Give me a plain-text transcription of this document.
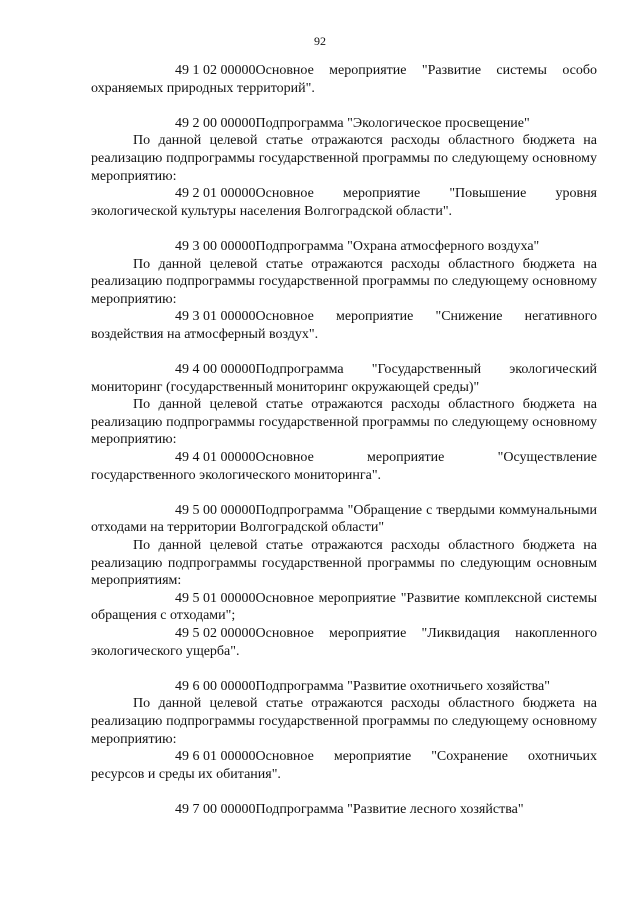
92

49 1 02 00000Основное мероприятие "Развитие системы особо охраняемых природных территорий".

49 2 00 00000Подпрограмма "Экологическое просвещение"

По данной целевой статье отражаются расходы областного бюджета на реализацию подпрограммы государственной программы по следующему основному мероприятию:

49 2 01 00000Основное мероприятие "Повышение уровня экологической культуры населения Волгоградской области".

49 3 00 00000Подпрограмма "Охрана атмосферного воздуха"

По данной целевой статье отражаются расходы областного бюджета на реализацию подпрограммы государственной программы по следующему основному мероприятию:

49 3 01 00000Основное мероприятие "Снижение негативного воздействия на атмосферный воздух".

49 4 00 00000Подпрограмма "Государственный экологический мониторинг (государственный мониторинг окружающей среды)"

По данной целевой статье отражаются расходы областного бюджета на реализацию подпрограммы государственной программы по следующему основному мероприятию:

49 4 01 00000Основное мероприятие "Осуществление государственного экологического мониторинга".

49 5 00 00000Подпрограмма "Обращение с твердыми коммунальными отходами на территории Волгоградской области"

По данной целевой статье отражаются расходы областного бюджета на реализацию подпрограммы государственной программы по следующим основным мероприятиям:

49 5 01 00000Основное мероприятие "Развитие комплексной системы обращения с отходами";

49 5 02 00000Основное мероприятие "Ликвидация накопленного экологического ущерба".

49 6 00 00000Подпрограмма "Развитие охотничьего хозяйства"

По данной целевой статье отражаются расходы областного бюджета на реализацию подпрограммы государственной программы по следующему основному мероприятию:

49 6 01 00000Основное мероприятие "Сохранение охотничьих ресурсов и среды их обитания".

49 7 00 00000Подпрограмма "Развитие лесного хозяйства"
